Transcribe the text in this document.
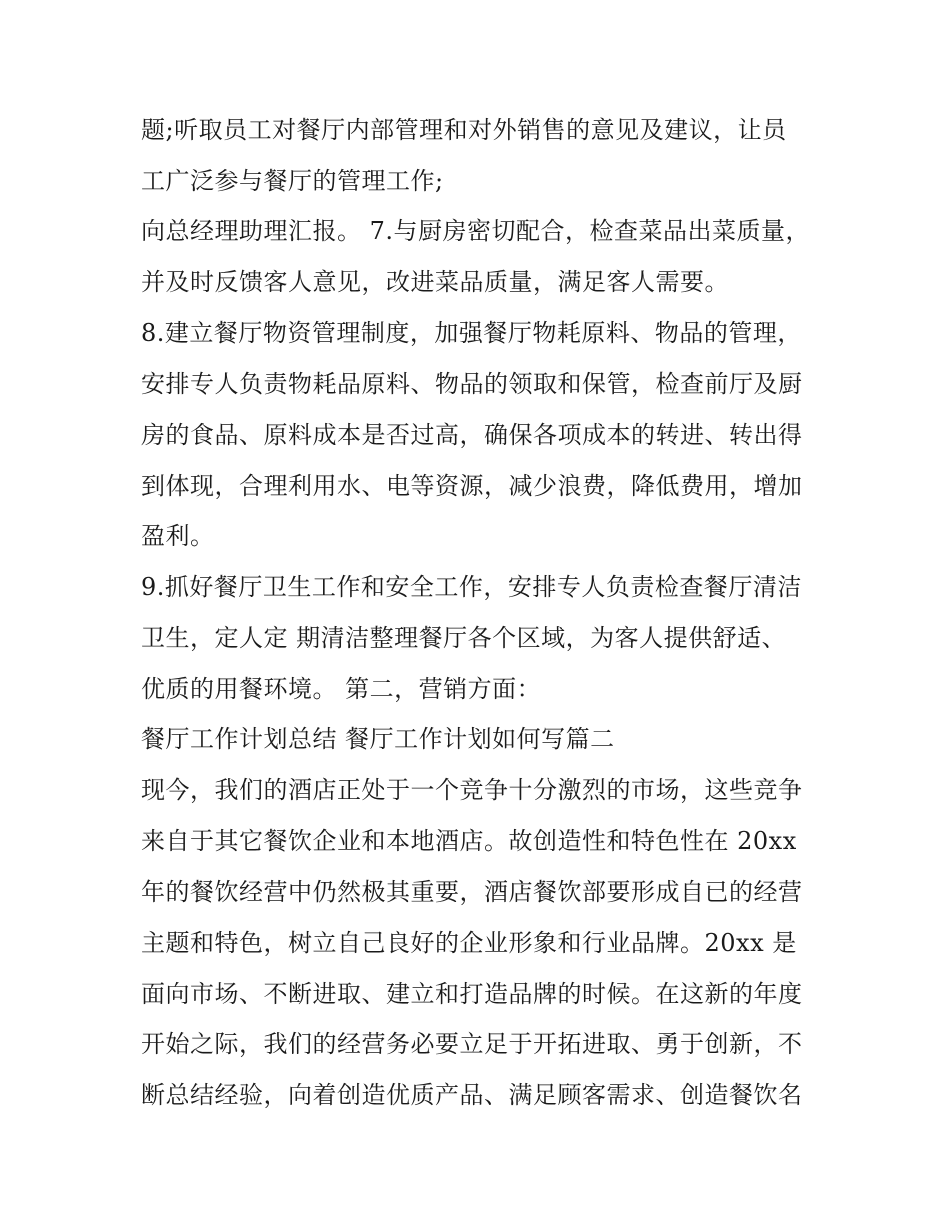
题;听取员工对餐厅内部管理和对外销售的意见及建议，让员
工广泛参与餐厅的管理工作;
向总经理助理汇报。 7.与厨房密切配合，检查菜品出菜质量，
并及时反馈客人意见，改进菜品质量，满足客人需要。
8.建立餐厅物资管理制度，加强餐厅物耗原料、物品的管理，
安排专人负责物耗品原料、物品的领取和保管，检查前厅及厨
房的食品、原料成本是否过高，确保各项成本的转进、转出得
到体现，合理利用水、电等资源，减少浪费，降低费用，增加
盈利。
9.抓好餐厅卫生工作和安全工作，安排专人负责检查餐厅清洁
卫生，定人定 期清洁整理餐厅各个区域，为客人提供舒适、
优质的用餐环境。 第二，营销方面：
餐厅工作计划总结 餐厅工作计划如何写篇二
现今，我们的酒店正处于一个竞争十分激烈的市场，这些竞争
来自于其它餐饮企业和本地酒店。故创造性和特色性在 20xx
年的餐饮经营中仍然极其重要，酒店餐饮部要形成自已的经营
主题和特色，树立自己良好的企业形象和行业品牌。20xx 是
面向市场、不断进取、建立和打造品牌的时候。在这新的年度
开始之际，我们的经营务必要立足于开拓进取、勇于创新，不
断总结经验，向着创造优质产品、满足顾客需求、创造餐饮名
